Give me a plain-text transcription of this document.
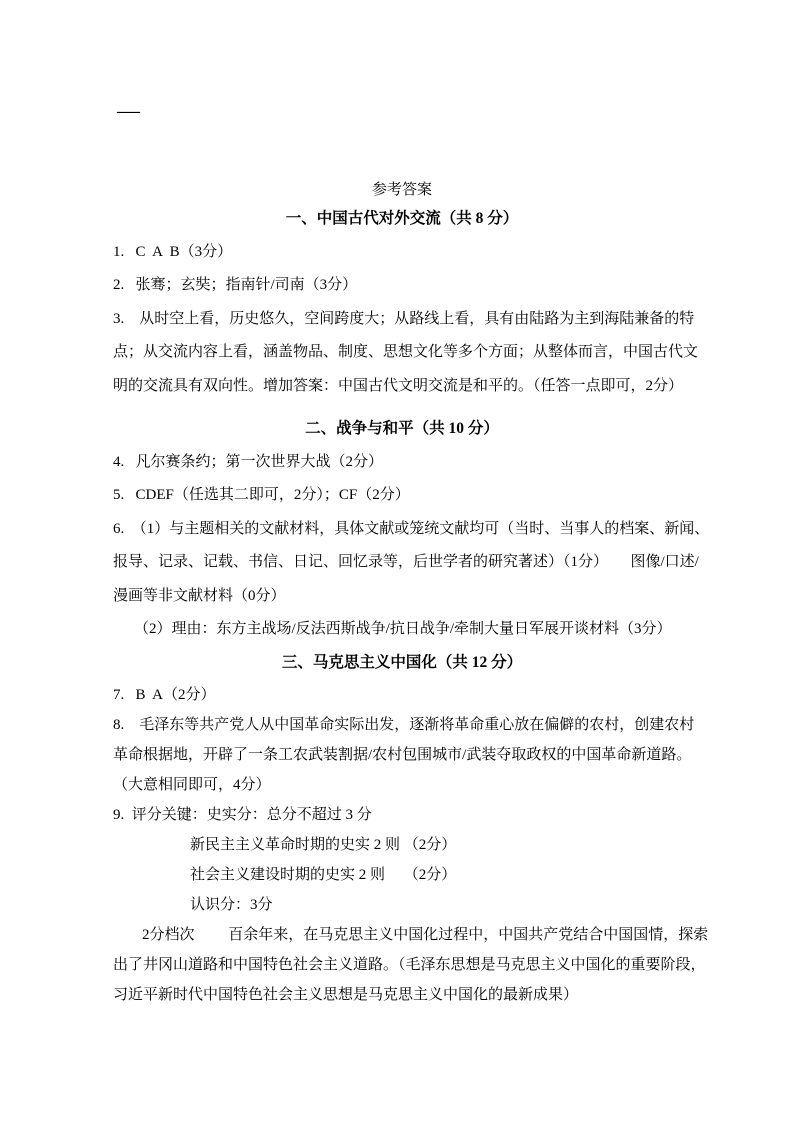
—
参考答案
一、中国古代对外交流（共 8 分）
1.   C  A  B（3分）
2.   张骞；玄奘；指南针/司南（3分）
3.    从时空上看，历史悠久，空间跨度大；从路线上看，具有由陆路为主到海陆兼备的特
点；从交流内容上看，涵盖物品、制度、思想文化等多个方面；从整体而言，中国古代文
明的交流具有双向性。增加答案：中国古代文明交流是和平的。（任答一点即可，2分）
二、战争与和平（共 10 分）
4.   凡尔赛条约；第一次世界大战（2分）
5.   CDEF（任选其二即可，2分）；CF（2分）
6.  （1）与主题相关的文献材料，具体文献或笼统文献均可（当时、当事人的档案、新闻、
报导、记录、记载、书信、日记、回忆录等，后世学者的研究著述）（1分）　　图像/口述/
漫画等非文献材料（0分）
（2）理由：东方主战场/反法西斯战争/抗日战争/牵制大量日军展开谈材料（3分）
三、马克思主义中国化（共 12 分）
7.   B  A（2分）
8.    毛泽东等共产党人从中国革命实际出发，逐渐将革命重心放在偏僻的农村，创建农村
革命根据地，开辟了一条工农武装割据/农村包围城市/武装夺取政权的中国革命新道路。
（大意相同即可，4分）
9.  评分关键：史实分：总分不超过 3 分
新民主主义革命时期的史实 2 则 （2分）
社会主义建设时期的史实 2 则　 （2分）
认识分：3分
2分档次　　 百余年来，在马克思主义中国化过程中，中国共产党结合中国国情，探索
出了井冈山道路和中国特色社会主义道路。（毛泽东思想是马克思主义中国化的重要阶段，
习近平新时代中国特色社会主义思想是马克思主义中国化的最新成果）
